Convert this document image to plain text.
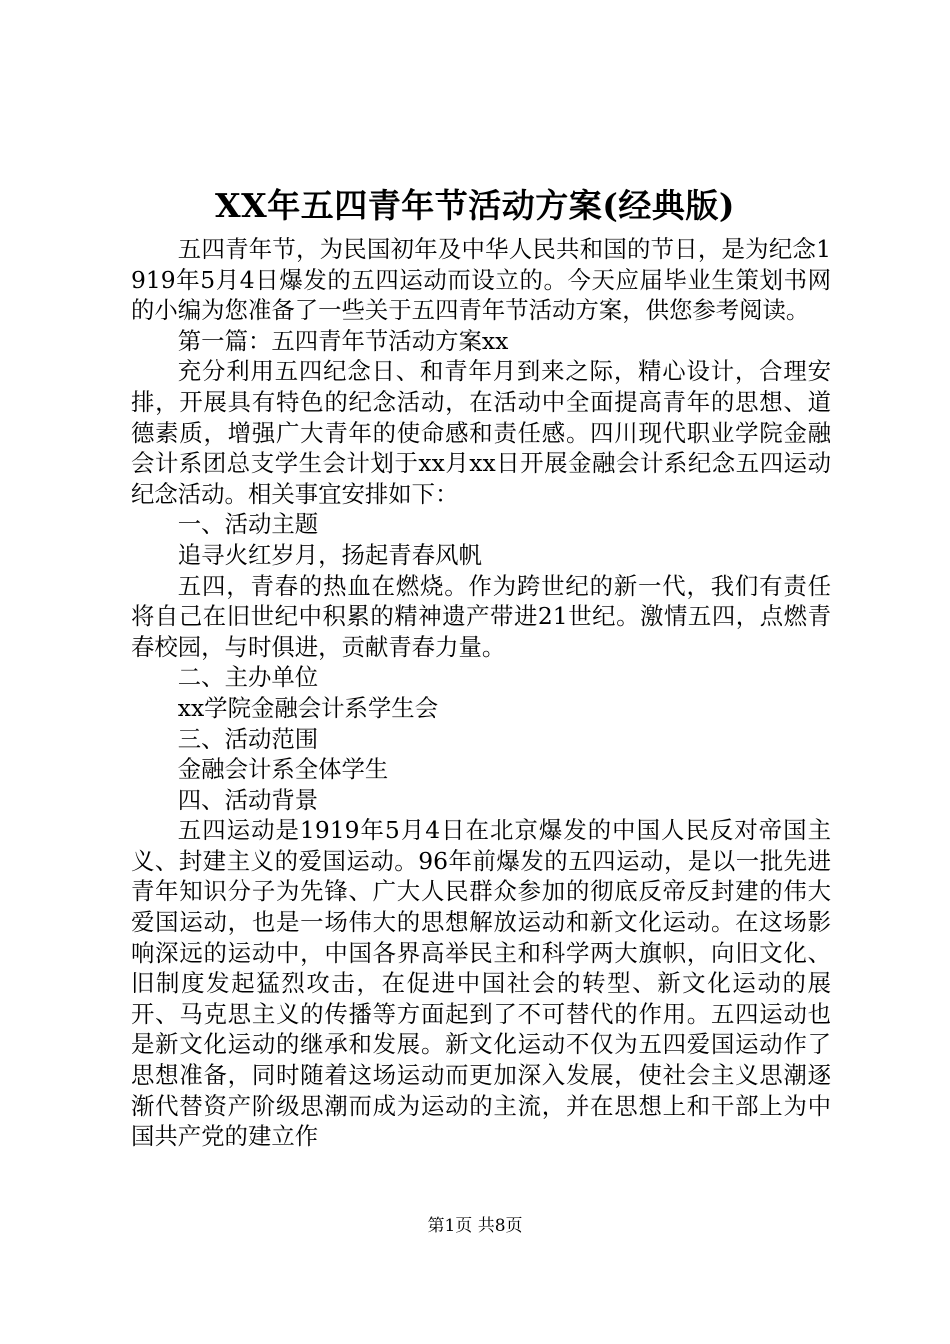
XX年五四青年节活动方案(经典版)

五四青年节，为民国初年及中华人民共和国的节日，是为纪念1919年5月4日爆发的五四运动而设立的。今天应届毕业生策划书网的小编为您准备了一些关于五四青年节活动方案，供您参考阅读。

第一篇：五四青年节活动方案xx

充分利用五四纪念日、和青年月到来之际，精心设计，合理安排，开展具有特色的纪念活动，在活动中全面提高青年的思想、道德素质，增强广大青年的使命感和责任感。四川现代职业学院金融会计系团总支学生会计划于xx月xx日开展金融会计系纪念五四运动纪念活动。相关事宜安排如下：

一、活动主题

追寻火红岁月，扬起青春风帆

五四，青春的热血在燃烧。作为跨世纪的新一代，我们有责任将自己在旧世纪中积累的精神遗产带进21世纪。激情五四，点燃青春校园，与时俱进，贡献青春力量。

二、主办单位

xx学院金融会计系学生会

三、活动范围

金融会计系全体学生

四、活动背景

五四运动是1919年5月4日在北京爆发的中国人民反对帝国主义、封建主义的爱国运动。96年前爆发的五四运动，是以一批先进青年知识分子为先锋、广大人民群众参加的彻底反帝反封建的伟大爱国运动，也是一场伟大的思想解放运动和新文化运动。在这场影响深远的运动中，中国各界高举民主和科学两大旗帜，向旧文化、旧制度发起猛烈攻击，在促进中国社会的转型、新文化运动的展开、马克思主义的传播等方面起到了不可替代的作用。五四运动也是新文化运动的继承和发展。新文化运动不仅为五四爱国运动作了思想准备，同时随着这场运动而更加深入发展，使社会主义思潮逐渐代替资产阶级思潮而成为运动的主流，并在思想上和干部上为中国共产党的建立作

第1页 共8页
